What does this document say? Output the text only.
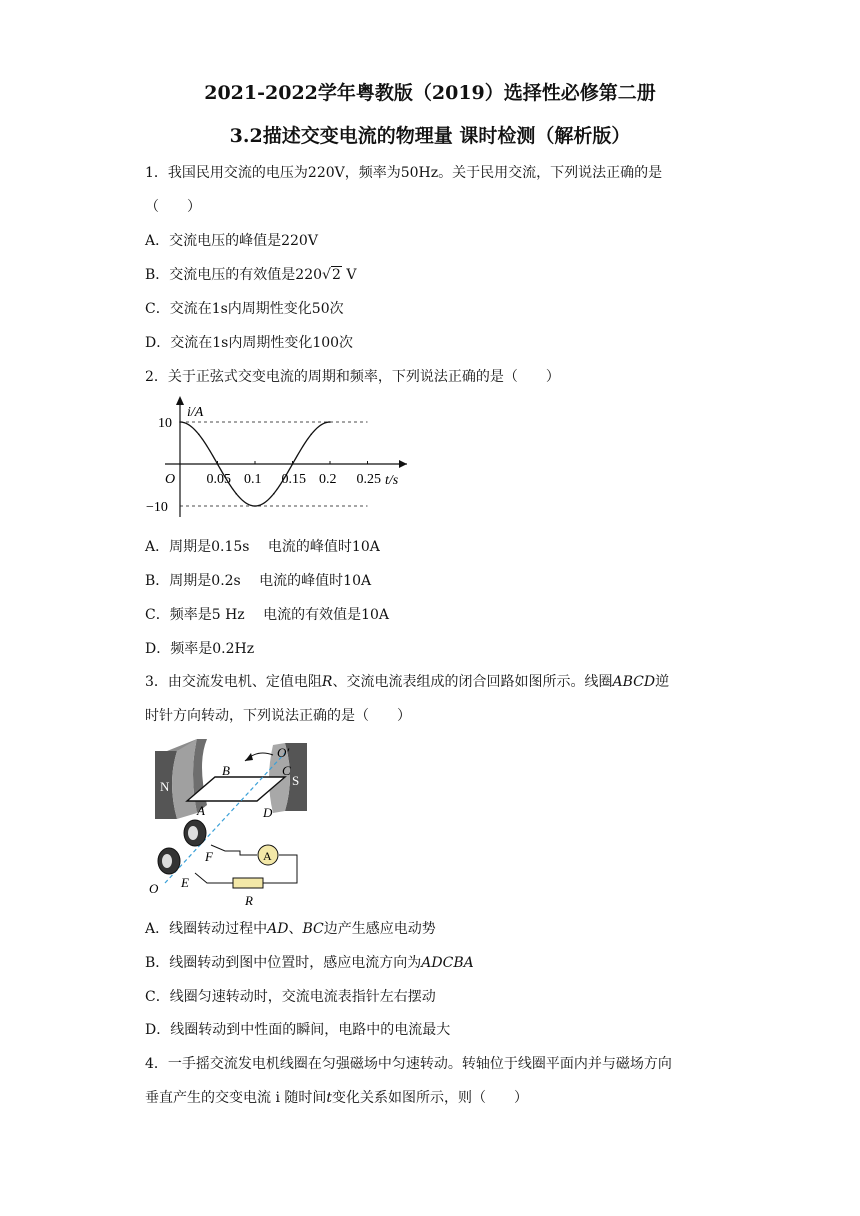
2021-2022学年粤教版（2019）选择性必修第二册
3.2描述交变电流的物理量 课时检测（解析版）
1．我国民用交流的电压为220V，频率为50Hz。关于民用交流，下列说法正确的是
（　　）
A．交流电压的峰值是220V
B．交流电压的有效值是220√2 V
C．交流在1s内周期性变化50次
D．交流在1s内周期性变化100次
2．关于正弦式交变电流的周期和频率，下列说法正确的是（　　）
0.05 0.1 0.15 0.2 0.25
10
−10
i/A
t/s
O
A．周期是0.15s　 电流的峰值时10A
B．周期是0.2s　 电流的峰值时10A
C．频率是5 Hz　 电流的有效值是10A
D．频率是0.2Hz
3．由交流发电机、定值电阻R、交流电流表组成的闭合回路如图所示。线圈ABCD逆
时针方向转动，下列说法正确的是（　　）
N	S
A
O′
B	C
A	D
F
E
O
R
A．线圈转动过程中AD、BC边产生感应电动势
B．线圈转动到图中位置时，感应电流方向为ADCBA
C．线圈匀速转动时，交流电流表指针左右摆动
D．线圈转动到中性面的瞬间，电路中的电流最大
4．一手摇交流发电机线圈在匀强磁场中匀速转动。转轴位于线圈平面内并与磁场方向
垂直产生的交变电流 i 随时间t变化关系如图所示，则（　　）
